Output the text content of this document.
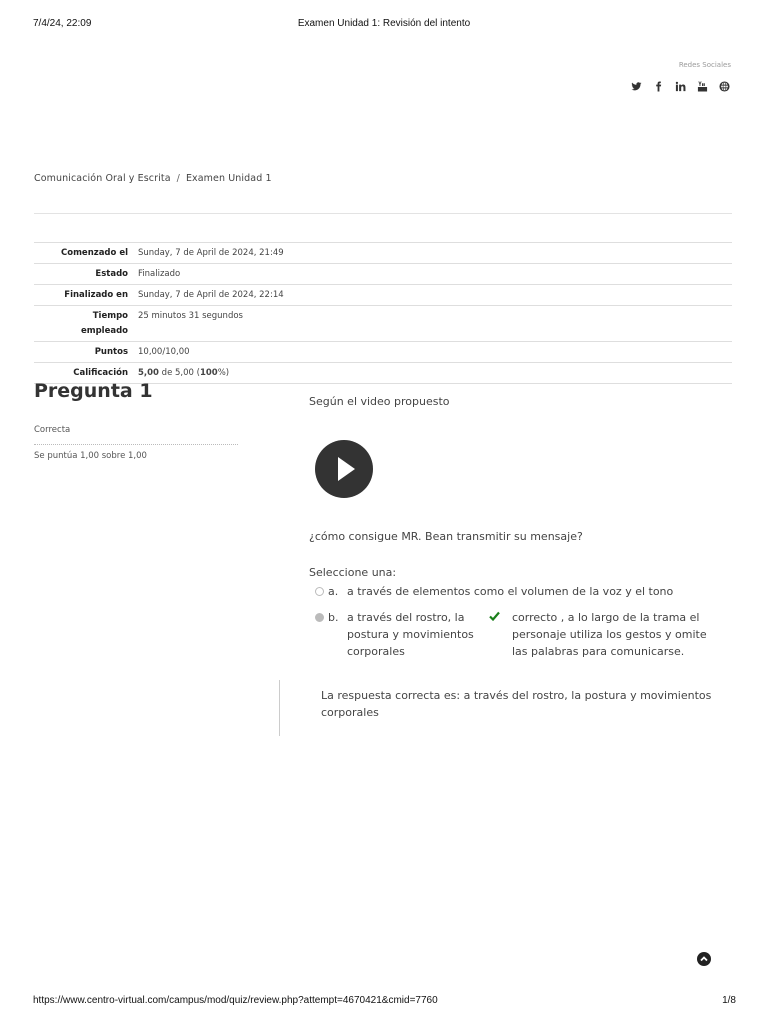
7/4/24, 22:09	Examen Unidad 1: Revisión del intento
Redes Sociales
Comunicación Oral y Escrita / Examen Unidad 1
Comenzado el	Sunday, 7 de April de 2024, 21:49
Estado	Finalizado
Finalizado en	Sunday, 7 de April de 2024, 22:14
Tiempo
empleado	25 minutos 31 segundos
Puntos	10,00/10,00
Calificación	5,00 de 5,00 (100%)
Pregunta 1
Correcta
Se puntúa 1,00 sobre 1,00
Según el video propuesto
¿cómo consigue MR. Bean transmitir su mensaje?
Seleccione una:
a. a través de elementos como el volumen de la voz y el tono
b. a través del rostro, la
postura y movimientos
corporales
correcto , a lo largo de la trama el
personaje utiliza los gestos y omite
las palabras para comunicarse.
La respuesta correcta es: a través del rostro, la postura y movimientos
corporales
https://www.centro-virtual.com/campus/mod/quiz/review.php?attempt=4670421&cmid=7760	1/8
